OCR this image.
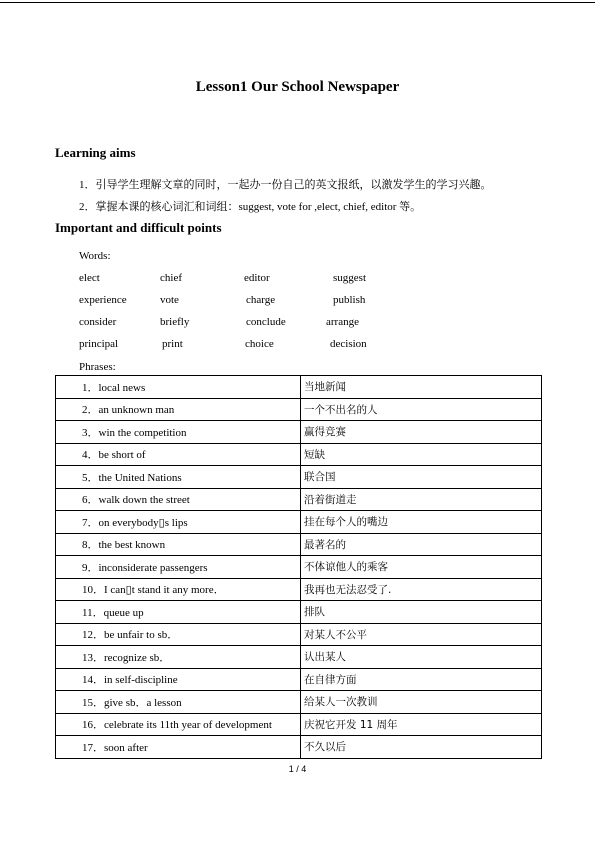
Lesson1 Our School Newspaper
Learning aims
1．引导学生理解文章的同时，一起办一份自己的英文报纸，以激发学生的学习兴趣。
2．掌握本课的核心词汇和词组：suggest, vote for ,elect, chief, editor 等。
Important and difficult points
Words:
elect	chief	editor	suggest
experience	vote	charge	publish
consider	briefly	conclude	arrange
principal	print	choice	decision
Phrases:
1．local news	当地新闻
2．an unknown man	一个不出名的人
3．win the competition	赢得竞赛
4．be short of	短缺
5．the United Nations	联合国
6．walk down the street	沿着街道走
7．on everybody▯s lips	挂在每个人的嘴边
8．the best known	最著名的
9．inconsiderate passengers	不体谅他人的乘客
10．I can▯t stand it any more．	我再也无法忍受了.
11．queue up	排队
12．be unfair to sb．	对某人不公平
13．recognize sb．	认出某人
14．in self-discipline	在自律方面
15．give sb．a lesson	给某人一次教训
16．celebrate its 11th year of development	庆祝它开发 11 周年
17．soon after	不久以后
1 / 4
